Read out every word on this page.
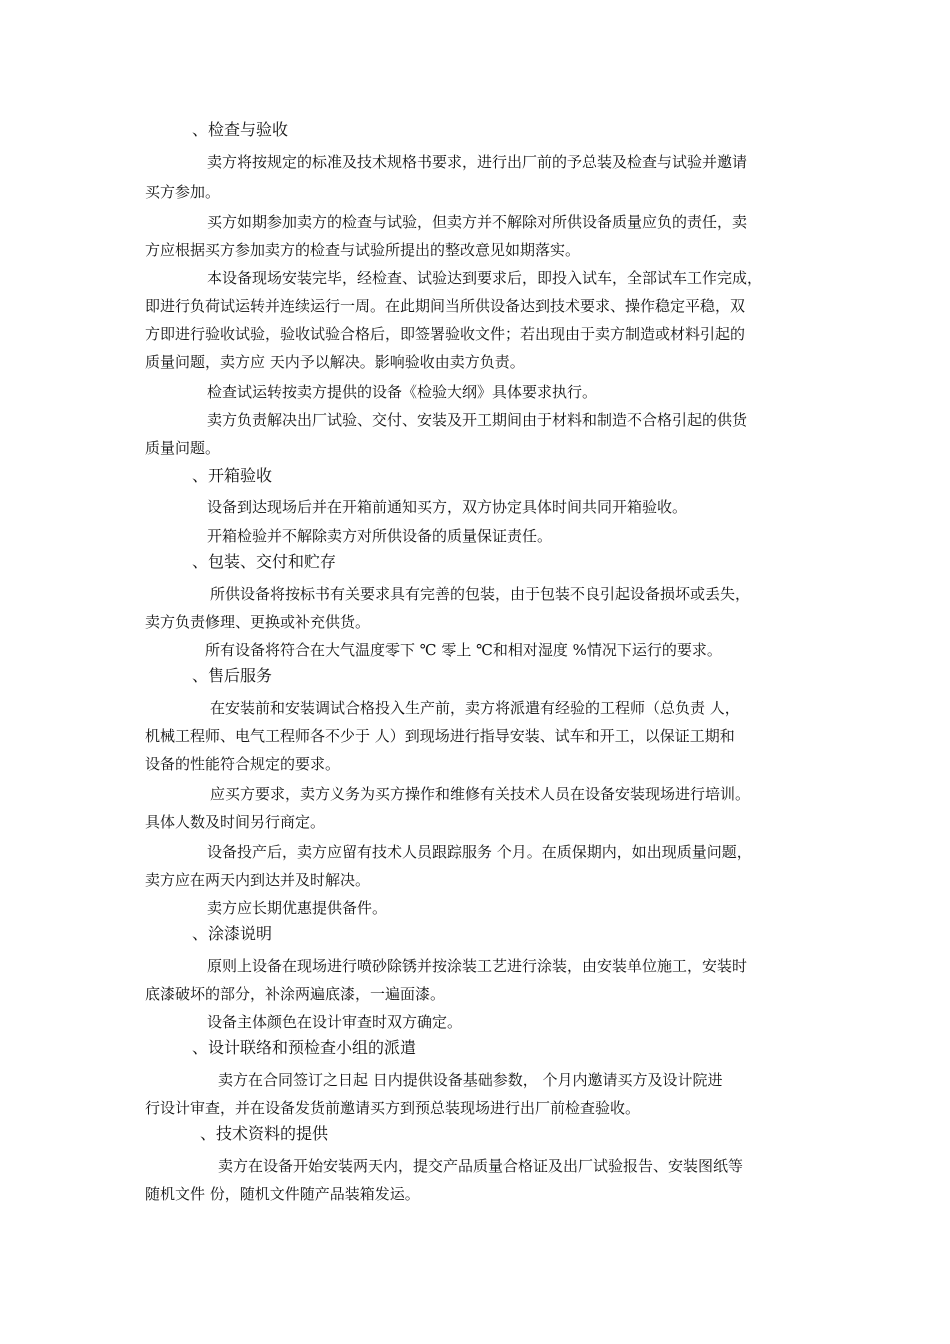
、检查与验收
卖方将按规定的标准及技术规格书要求，进行出厂前的予总装及检查与试验并邀请
买方参加。
买方如期参加卖方的检查与试验，但卖方并不解除对所供设备质量应负的责任，卖
方应根据买方参加卖方的检查与试验所提出的整改意见如期落实。
本设备现场安装完毕，经检查、试验达到要求后，即投入试车，全部试车工作完成，
即进行负荷试运转并连续运行一周。在此期间当所供设备达到技术要求、操作稳定平稳，双
方即进行验收试验，验收试验合格后，即签署验收文件；若出现由于卖方制造或材料引起的
质量问题，卖方应 天内予以解决。影响验收由卖方负责。
检查试运转按卖方提供的设备《检验大纲》具体要求执行。
卖方负责解决出厂试验、交付、安装及开工期间由于材料和制造不合格引起的供货
质量问题。
、开箱验收
设备到达现场后并在开箱前通知买方，双方协定具体时间共同开箱验收。
开箱检验并不解除卖方对所供设备的质量保证责任。
、包装、交付和贮存
所供设备将按标书有关要求具有完善的包装，由于包装不良引起设备损坏或丢失，
卖方负责修理、更换或补充供货。
所有设备将符合在大气温度零下 ℃ 零上 ℃和相对湿度 %情况下运行的要求。
、售后服务
在安装前和安装调试合格投入生产前，卖方将派遣有经验的工程师（总负责 人，
机械工程师、电气工程师各不少于 人）到现场进行指导安装、试车和开工，以保证工期和
设备的性能符合规定的要求。
应买方要求，卖方义务为买方操作和维修有关技术人员在设备安装现场进行培训。
具体人数及时间另行商定。
设备投产后，卖方应留有技术人员跟踪服务 个月。在质保期内，如出现质量问题，
卖方应在两天内到达并及时解决。
卖方应长期优惠提供备件。
、涂漆说明
原则上设备在现场进行喷砂除锈并按涂装工艺进行涂装，由安装单位施工，安装时
底漆破坏的部分，补涂两遍底漆，一遍面漆。
设备主体颜色在设计审查时双方确定。
、设计联络和预检查小组的派遣
卖方在合同签订之日起 日内提供设备基础参数， 个月内邀请买方及设计院进
行设计审查，并在设备发货前邀请买方到预总装现场进行出厂前检查验收。
、技术资料的提供
卖方在设备开始安装两天内，提交产品质量合格证及出厂试验报告、安装图纸等
随机文件 份，随机文件随产品装箱发运。
